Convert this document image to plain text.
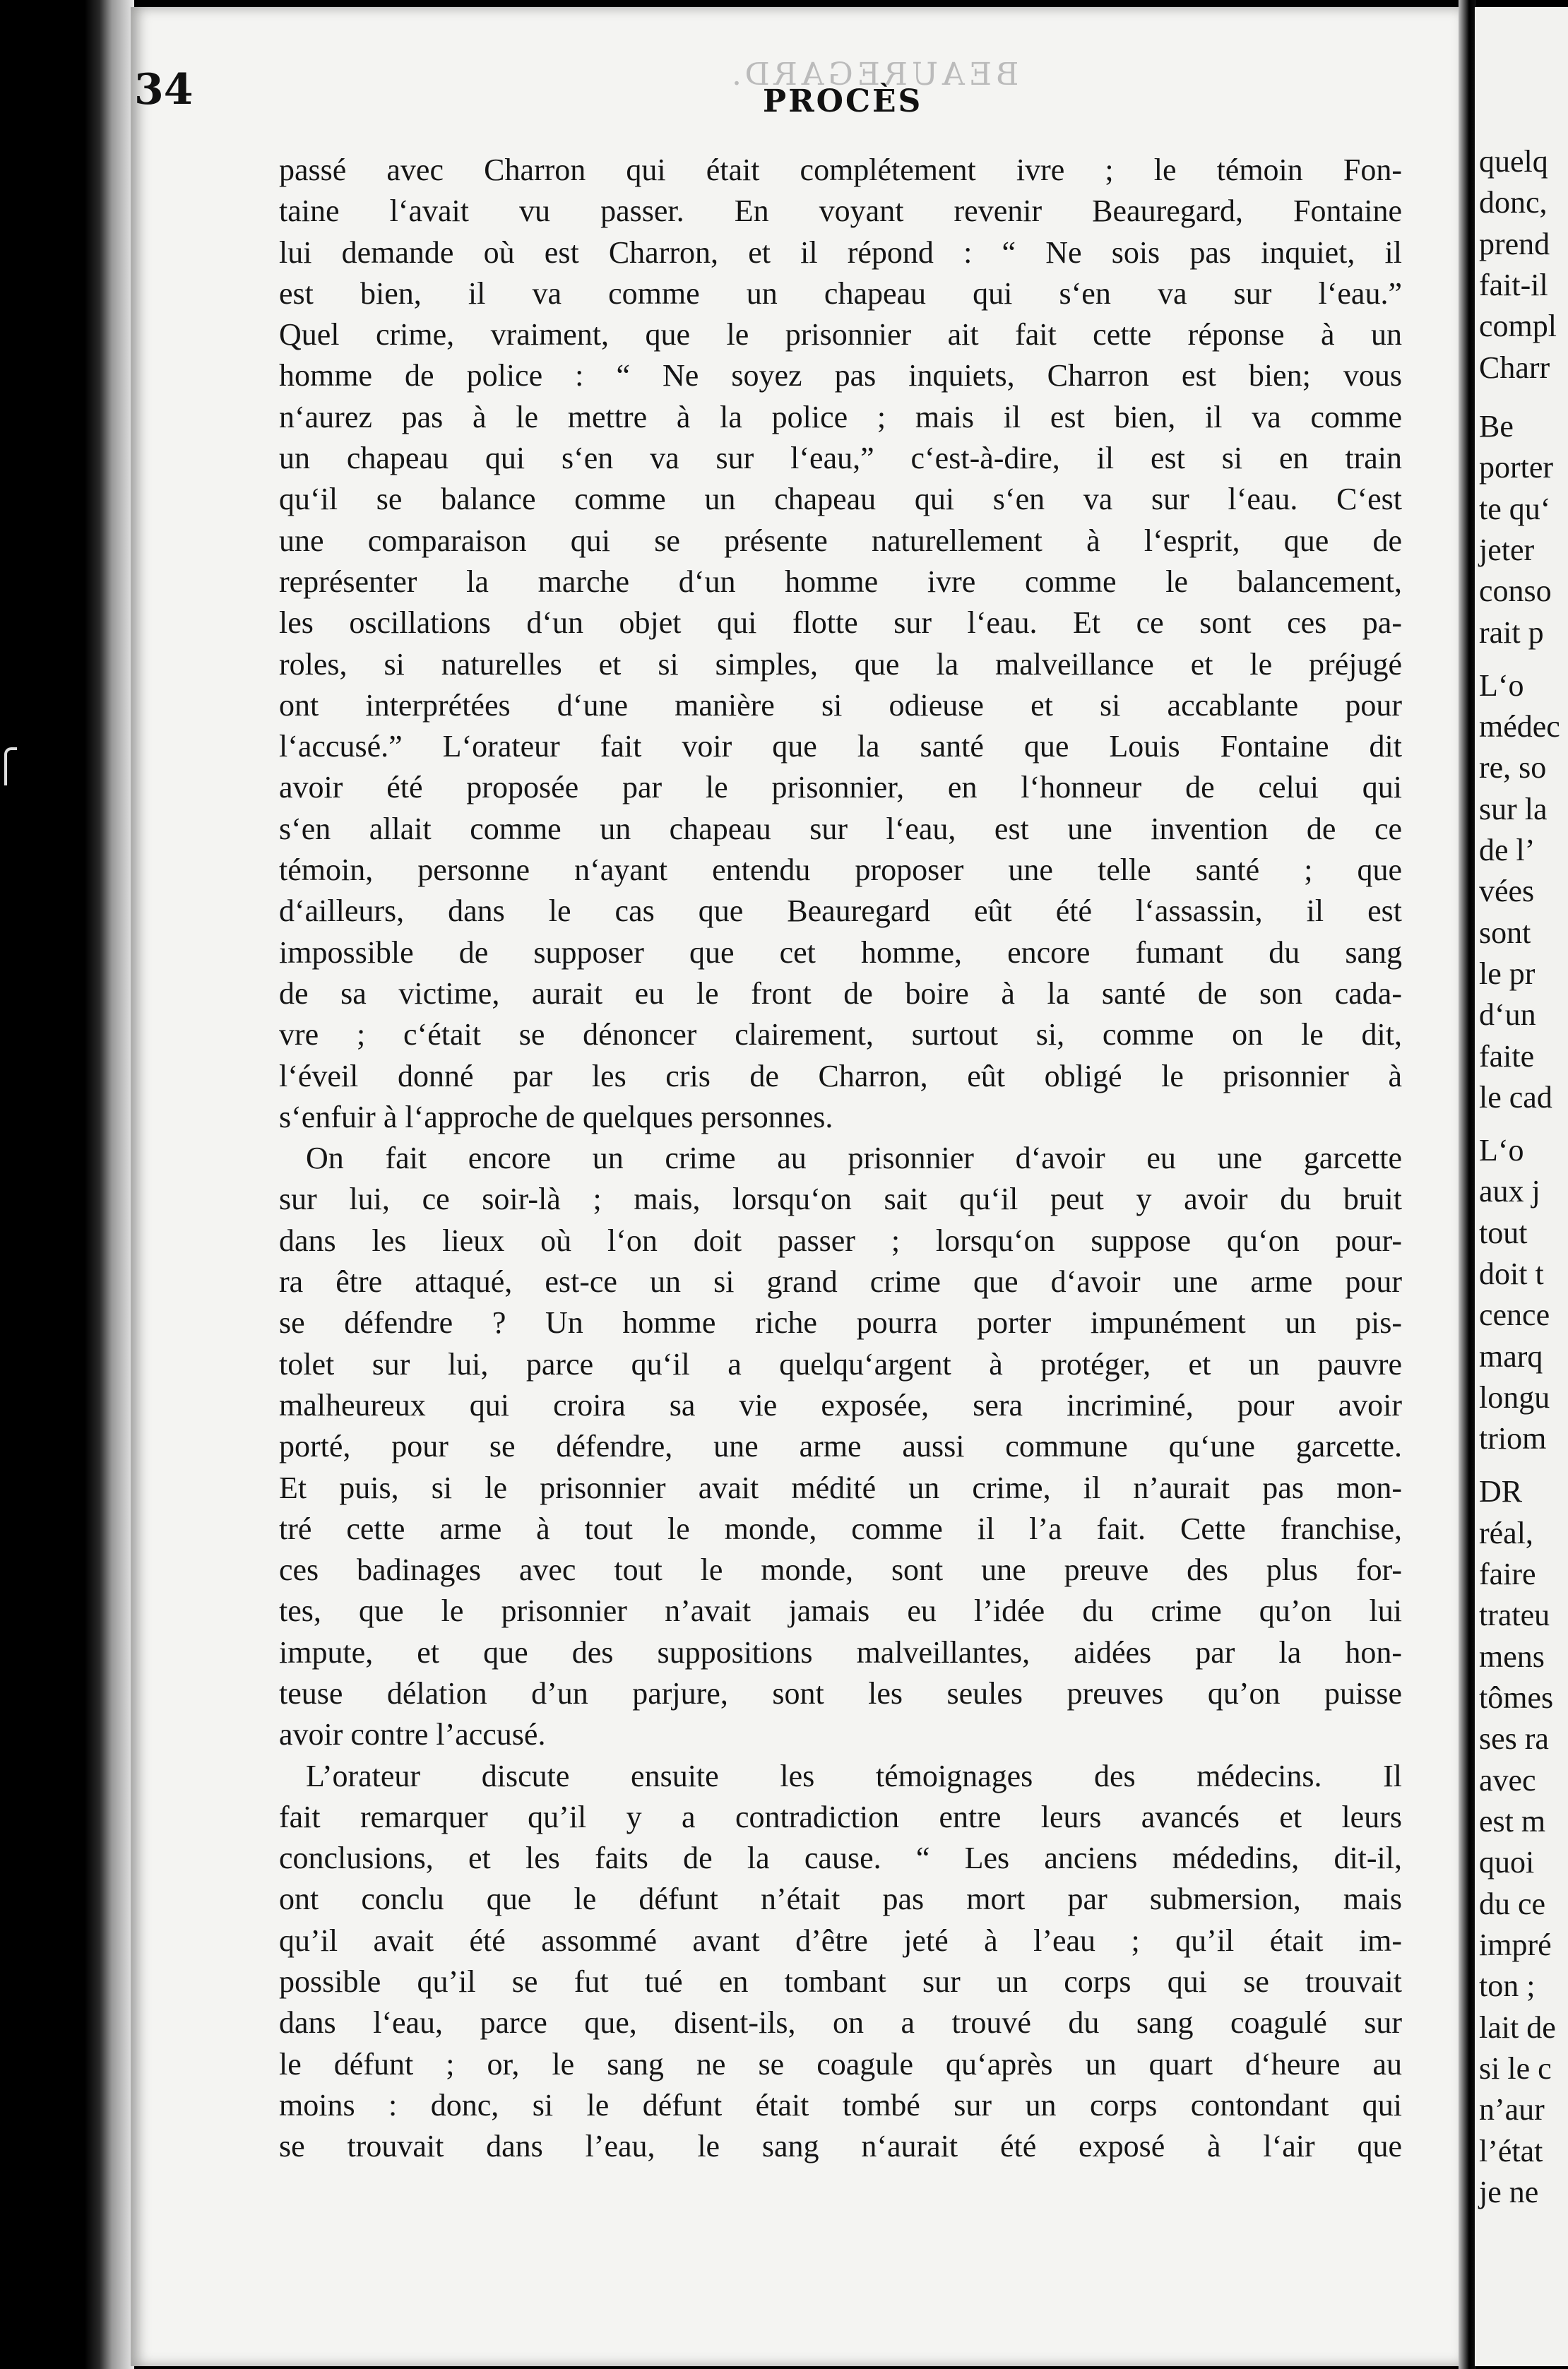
BEAUREGARD.
34	PROCÈS
passé avec Charron qui était complétement ivre ; le témoin Fon-
taine l‘avait vu passer. En voyant revenir Beauregard, Fontaine
lui demande où est Charron, et il répond : “ Ne sois pas inquiet, il
est bien, il va comme un chapeau qui s‘en va sur l‘eau.”
Quel crime, vraiment, que le prisonnier ait fait cette réponse à un
homme de police : “ Ne soyez pas inquiets, Charron est bien; vous
n‘aurez pas à le mettre à la police ; mais il est bien, il va comme
un chapeau qui s‘en va sur l‘eau,” c‘est-à-dire, il est si en train
qu‘il se balance comme un chapeau qui s‘en va sur l‘eau. C‘est
une comparaison qui se présente naturellement à l‘esprit, que de
représenter la marche d‘un homme ivre comme le balancement,
les oscillations d‘un objet qui flotte sur l‘eau. Et ce sont ces pa-
roles, si naturelles et si simples, que la malveillance et le préjugé
ont interprétées d‘une manière si odieuse et si accablante pour
l‘accusé.” L‘orateur fait voir que la santé que Louis Fontaine dit
avoir été proposée par le prisonnier, en l‘honneur de celui qui
s‘en allait comme un chapeau sur l‘eau, est une invention de ce
témoin, personne n‘ayant entendu proposer une telle santé ; que
d‘ailleurs, dans le cas que Beauregard eût été l‘assassin, il est
impossible de supposer que cet homme, encore fumant du sang
de sa victime, aurait eu le front de boire à la santé de son cada-
vre ; c‘était se dénoncer clairement, surtout si, comme on le dit,
l‘éveil donné par les cris de Charron, eût obligé le prisonnier à
s‘enfuir à l‘approche de quelques personnes.
On fait encore un crime au prisonnier d‘avoir eu une garcette
sur lui, ce soir-là ; mais, lorsqu‘on sait qu‘il peut y avoir du bruit
dans les lieux où l‘on doit passer ; lorsqu‘on suppose qu‘on pour-
ra être attaqué, est-ce un si grand crime que d‘avoir une arme pour
se défendre ? Un homme riche pourra porter impunément un pis-
tolet sur lui, parce qu‘il a quelqu‘argent à protéger, et un pauvre
malheureux qui croira sa vie exposée, sera incriminé, pour avoir
porté, pour se défendre, une arme aussi commune qu‘une garcette.
Et puis, si le prisonnier avait médité un crime, il n’aurait pas mon-
tré cette arme à tout le monde, comme il l’a fait. Cette franchise,
ces badinages avec tout le monde, sont une preuve des plus for-
tes, que le prisonnier n’avait jamais eu l’idée du crime qu’on lui
impute, et que des suppositions malveillantes, aidées par la hon-
teuse délation d’un parjure, sont les seules preuves qu’on puisse
avoir contre l’accusé.
L’orateur discute ensuite les témoignages des médecins. Il
fait remarquer qu’il y a contradiction entre leurs avancés et leurs
conclusions, et les faits de la cause. “ Les anciens médedins, dit-il,
ont conclu que le défunt n’était pas mort par submersion, mais
qu’il avait été assommé avant d’être jeté à l’eau ; qu’il était im-
possible qu’il se fut tué en tombant sur un corps qui se trouvait
dans l‘eau, parce que, disent-ils, on a trouvé du sang coagulé sur
le défunt ; or, le sang ne se coagule qu‘après un quart d‘heure au
moins : donc, si le défunt était tombé sur un corps contondant qui
se trouvait dans l’eau, le sang n‘aurait été exposé à l‘air que
quelq
donc,
prend
fait-il
compl
Charr
Be
porter
te qu‘
jeter
conso
rait p
L‘o
médec
re, so
sur la
de l’
vées
sont
le pr
d‘un
faite
le cad
L‘o
aux j
tout
doit t
cence
marq
longu
triom
DR
réal,
faire
trateu
mens
tômes
ses ra
avec
est m
quoi
du ce
impré
ton ;
lait de
si le c
n’aur
l’état
je ne
